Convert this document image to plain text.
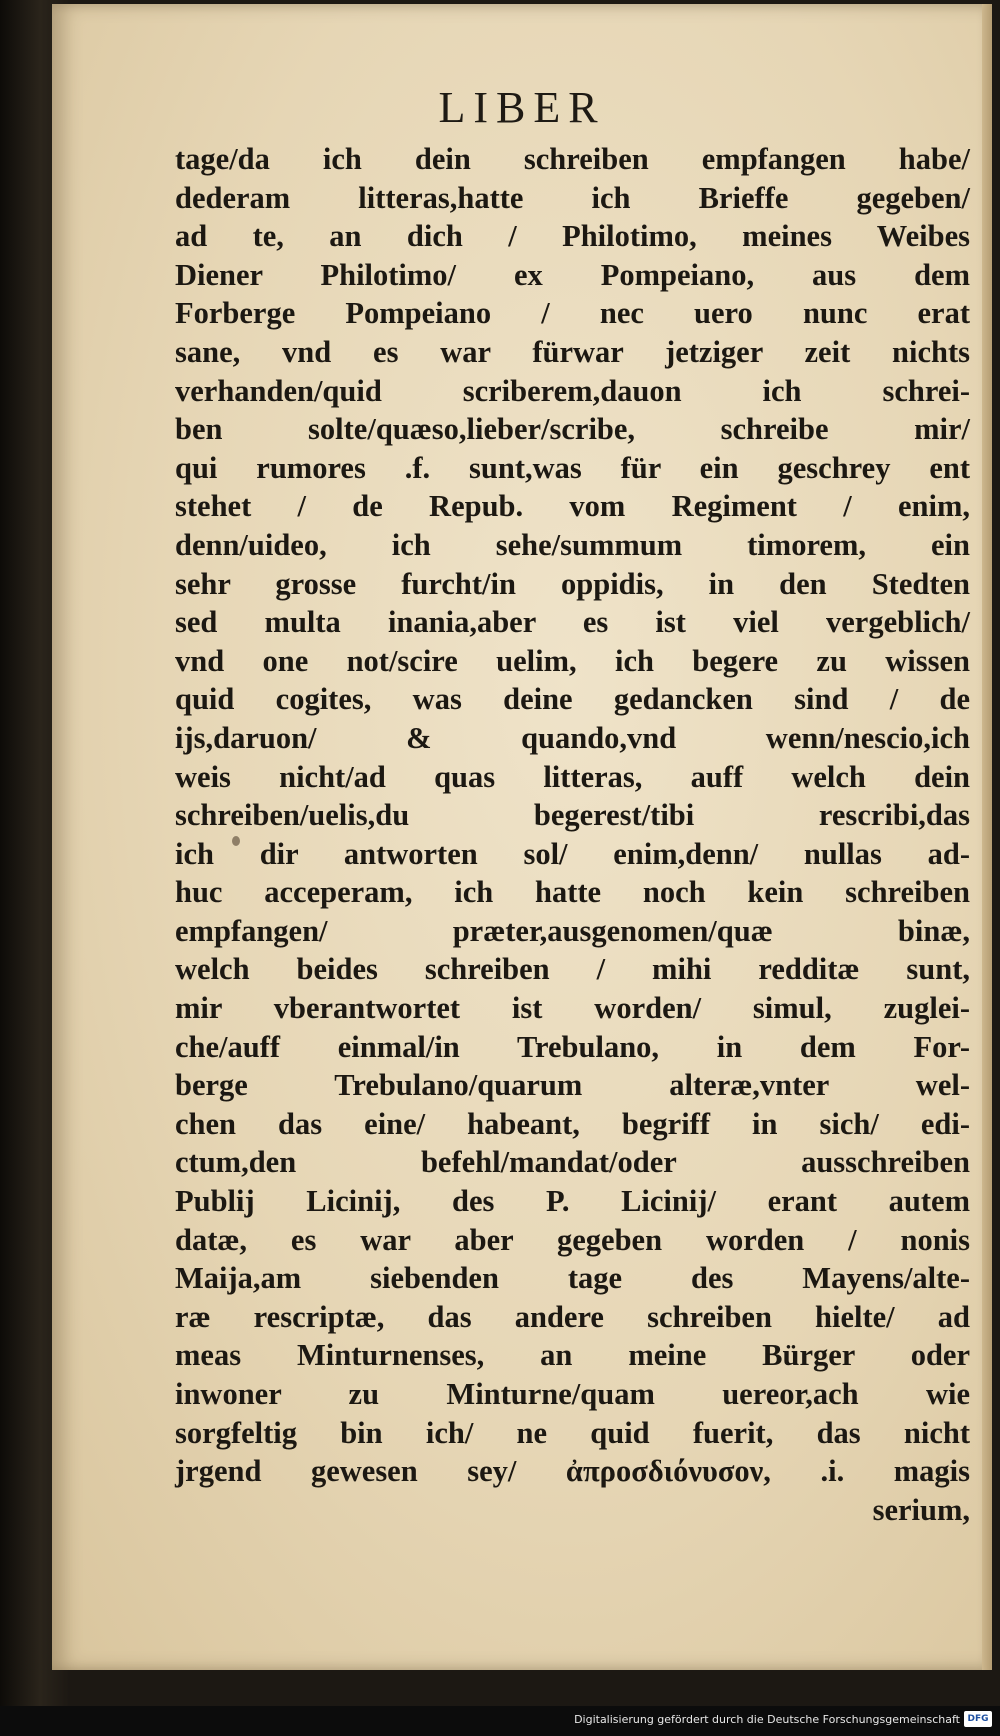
LIBER
tage/da ich dein schreiben empfangen habe/
dederam litteras,hatte ich Brieffe gegeben/
ad te, an dich / Philotimo, meines Weibes
Diener Philotimo/ ex Pompeiano, aus dem
Forberge Pompeiano / nec uero nunc erat
sane, vnd es war fürwar jetziger zeit nichts
verhanden/quid scriberem,dauon ich schrei-
ben solte/quæso,lieber/scribe, schreibe mir/
qui rumores .f. sunt,was für ein geschrey ent
stehet / de Repub. vom Regiment / enim,
denn/uideo, ich sehe/summum timorem, ein
sehr grosse furcht/in oppidis, in den Stedten
sed multa inania,aber es ist viel vergeblich/
vnd one not/scire uelim, ich begere zu wissen
quid cogites, was deine gedancken sind / de
ijs,daruon/ & quando,vnd wenn/nescio,ich
weis nicht/ad quas litteras, auff welch dein
schreiben/uelis,du begerest/tibi rescribi,das
ich dir antworten sol/ enim,denn/ nullas ad-
huc acceperam, ich hatte noch kein schreiben
empfangen/ præter,ausgenomen/quæ binæ,
welch beides schreiben / mihi redditæ sunt,
mir vberantwortet ist worden/ simul, zuglei-
che/auff einmal/in Trebulano, in dem For-
berge Trebulano/quarum alteræ,vnter wel-
chen das eine/ habeant, begriff in sich/ edi-
ctum,den befehl/mandat/oder ausschreiben
Publij Licinij, des P. Licinij/ erant autem
datæ, es war aber gegeben worden / nonis
Maija,am siebenden tage des Mayens/alte-
ræ rescriptæ, das andere schreiben hielte/ ad
meas Minturnenses, an meine Bürger oder
inwoner zu Minturne/quam uereor,ach wie
sorgfeltig bin ich/ ne quid fuerit, das nicht
jrgend gewesen sey/ ἀπροσδιόνυσον, .i. magis
serium,
Digitalisierung gefördert durch die Deutsche Forschungsgemeinschaft DFG
